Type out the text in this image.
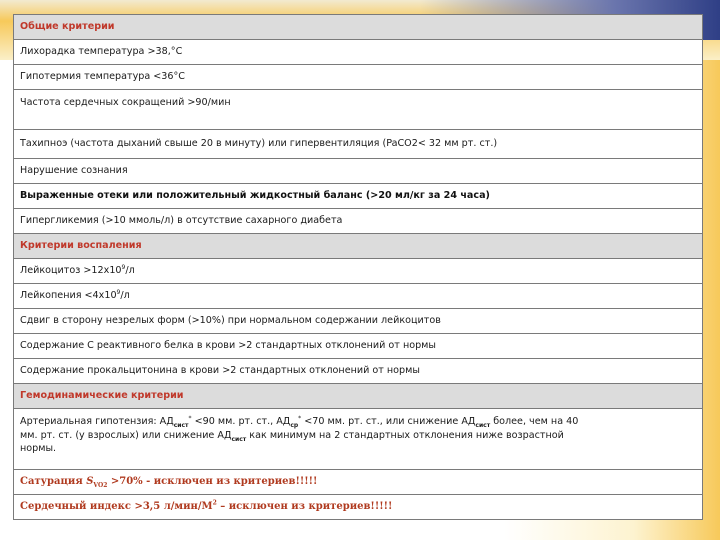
Общие критерии
Лихорадка температура >38,°C
Гипотермия температура <36°C
Частота сердечных сокращений >90/мин
Тахипноэ (частота дыханий свыше 20 в минуту) или гипервентиляция (PaCO2< 32 мм рт. ст.)
Нарушение сознания
Выраженные отеки или положительный жидкостный баланс (>20 мл/кг за 24 часа)
Гипергликемия (>10 ммоль/л) в отсутствие сахарного диабета
Критерии воспаления
Лейкоцитоз $>12x10^9/л$
Лейкопения $<4x10^9/л$
Сдвиг в сторону незрелых форм (>10%) при нормальном содержании лейкоцитов
Содержание С реактивного белка в крови >2 стандартных отклонений от нормы
Содержание прокальцитонина в крови >2 стандартных отклонений от нормы
Гемодинамические критерии
Артериальная гипотензия: $АД_{сист}^* <90$ мм. рт. ст., $АД_{ср}^* <70$ мм. рт. ст., или снижение $АД_{сист}$ более, чем на 40
мм. рт. ст. (у взрослых) или снижение $АД_{сист}$ как минимум на 2 стандартных отклонения ниже возрастной
нормы.
Сатурация $S_{VO2} >70\%$ - исключен из критериев!!!!!
Сердечный индекс >3,5 $л/мин/М^2$ – исключен из критериев!!!!!
